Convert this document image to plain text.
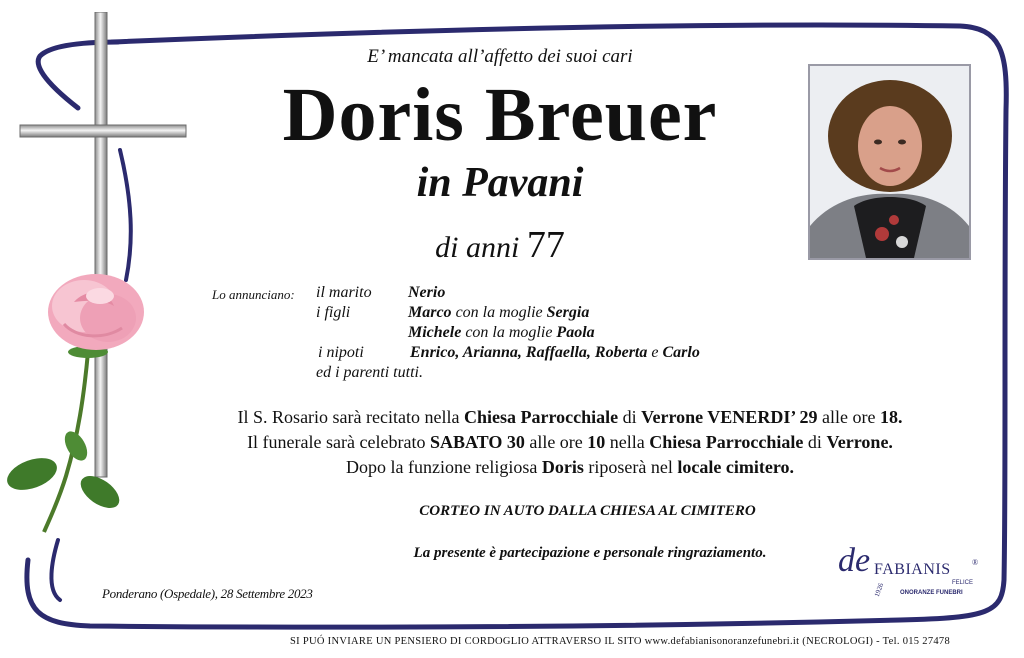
E’ mancata all’affetto dei suoi cari
Doris Breuer
in Pavani
di anni 77
Lo annunciano: il marito Nerio
i figli	Marco con la moglie Sergia
Michele con la moglie Paola
i nipoti	Enrico, Arianna, Raffaella, Roberta e Carlo
ed i parenti tutti.
Il S. Rosario sarà recitato nella Chiesa Parrocchiale di Verrone VENERDI’ 29 alle ore 18.
Il funerale sarà celebrato SABATO 30 alle ore 10 nella Chiesa Parrocchiale di Verrone.
Dopo la funzione religiosa Doris riposerà nel locale cimitero.
CORTEO IN AUTO DALLA CHIESA AL CIMITERO
La presente è partecipazione e personale ringraziamento.
Ponderano (Ospedale), 28 Settembre 2023
de FABIANIS	®
FELICE
ONORANZE FUNEBRI
1926
SI PUÓ INVIARE UN PENSIERO DI CORDOGLIO ATTRAVERSO IL SITO www.defabianisonoranzefunebri.it (NECROLOGI) - Tel. 015 27478
